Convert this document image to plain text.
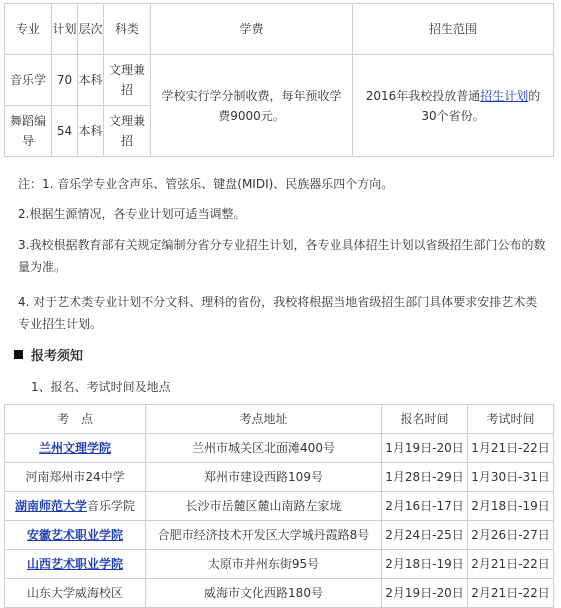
专业	计划	层次	科类	学费	招生范围
音乐学	70	本科	文理兼招	学校实行学分制收费，每年预收学费9000元。	2016年我校投放普通招生计划的30个省份。
舞蹈编导	54	本科	文理兼招		
注：1. 音乐学专业含声乐、管弦乐、键盘(MIDI)、民族器乐四个方向。
2.根据生源情况，各专业计划可适当调整。
3.我校根据教育部有关规定编制分省分专业招生计划，各专业具体招生计划以省级招生部门公布的数量为准。
4. 对于艺术类专业计划不分文科、理科的省份，我校将根据当地省级招生部门具体要求安排艺术类专业招生计划。
报考须知
1、报名、考试时间及地点
考　点	考点地址	报名时间	考试时间
兰州文理学院	兰州市城关区北面滩400号	1月19日-20日	1月21日-22日
河南郑州市24中学	郑州市建设西路109号	1月28日-29日	1月30日-31日
湖南师范大学音乐学院	长沙市岳麓区麓山南路左家垅	2月16日-17日	2月18日-19日
安徽艺术职业学院	合肥市经济技术开发区大学城丹霞路8号	2月24日-25日	2月26日-27日
山西艺术职业学院	太原市并州东街95号	2月18日-19日	2月21日-22日
山东大学威海校区	威海市文化西路180号	2月19日-20日	2月21日-22日
